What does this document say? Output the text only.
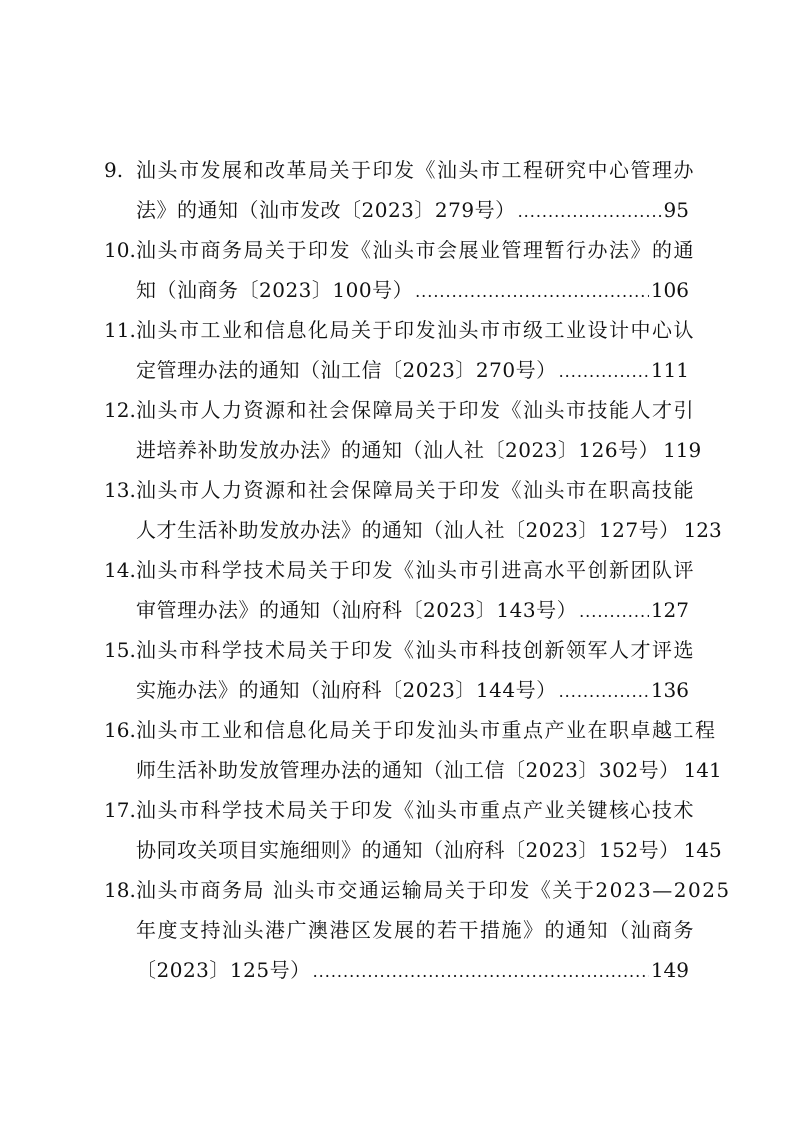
9. 汕头市发展和改革局关于印发《汕头市工程研究中心管理办
法》的通知（汕市发改〔2023〕279号） .....	95
10. 汕头市商务局关于印发《汕头市会展业管理暂行办法》的通
知（汕商务〔2023〕100号） .....	106
11. 汕头市工业和信息化局关于印发汕头市市级工业设计中心认
定管理办法的通知（汕工信〔2023〕270号） .....	111
12. 汕头市人力资源和社会保障局关于印发《汕头市技能人才引
进培养补助发放办法》的通知（汕人社〔2023〕126号） 119
13. 汕头市人力资源和社会保障局关于印发《汕头市在职高技能
人才生活补助发放办法》的通知（汕人社〔2023〕127号） 123
14. 汕头市科学技术局关于印发《汕头市引进高水平创新团队评
审管理办法》的通知（汕府科〔2023〕143号） .....	127
15. 汕头市科学技术局关于印发《汕头市科技创新领军人才评选
实施办法》的通知（汕府科〔2023〕144号） .....	136
16. 汕头市工业和信息化局关于印发汕头市重点产业在职卓越工程
师生活补助发放管理办法的通知（汕工信〔2023〕302号） 141
17. 汕头市科学技术局关于印发《汕头市重点产业关键核心技术
协同攻关项目实施细则》的通知（汕府科〔2023〕152号） 145
18. 汕头市商务局 汕头市交通运输局关于印发《关于2023—2025
年度支持汕头港广澳港区发展的若干措施》的通知（汕商务
〔2023〕125号） .....	149
